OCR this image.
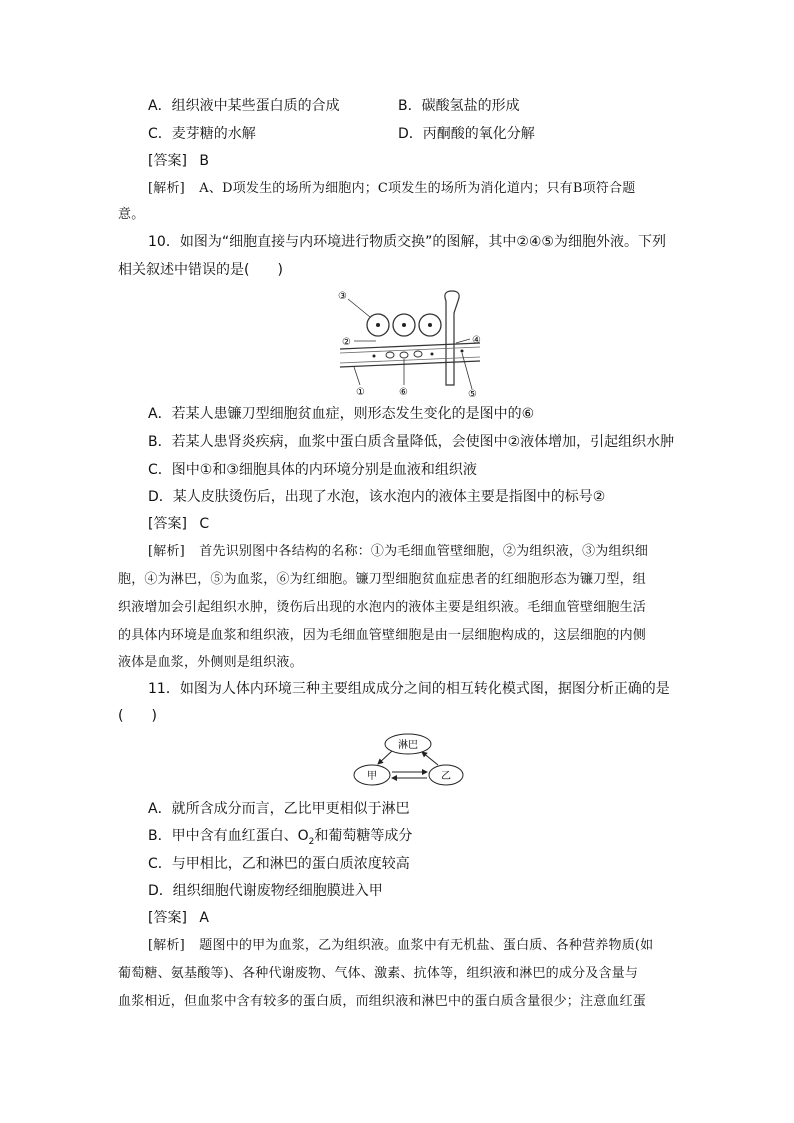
A．组织液中某些蛋白质的合成	B．碳酸氢盐的形成
C．麦芽糖的水解	D．丙酮酸的氧化分解
[答案] B
[解析] A、D项发生的场所为细胞内；C项发生的场所为消化道内；只有B项符合题
意。
10．如图为“细胞直接与内环境进行物质交换”的图解，其中②④⑤为细胞外液。下列
相关叙述中错误的是(　　)
③
②	④
①	⑥	⑤
A．若某人患镰刀型细胞贫血症，则形态发生变化的是图中的⑥
B．若某人患肾炎疾病，血浆中蛋白质含量降低，会使图中②液体增加，引起组织水肿
C．图中①和③细胞具体的内环境分别是血液和组织液
D．某人皮肤烫伤后，出现了水泡，该水泡内的液体主要是指图中的标号②
[答案] C
[解析] 首先识别图中各结构的名称：①为毛细血管壁细胞，②为组织液，③为组织细
胞，④为淋巴，⑤为血浆，⑥为红细胞。镰刀型细胞贫血症患者的红细胞形态为镰刀型，组
织液增加会引起组织水肿，烫伤后出现的水泡内的液体主要是组织液。毛细血管壁细胞生活
的具体内环境是血浆和组织液，因为毛细血管壁细胞是由一层细胞构成的，这层细胞的内侧
液体是血浆，外侧则是组织液。
11．如图为人体内环境三种主要组成成分之间的相互转化模式图，据图分析正确的是
(　　)
淋巴
甲	乙
A．就所含成分而言，乙比甲更相似于淋巴
B．甲中含有血红蛋白、$O_2$和葡萄糖等成分
C．与甲相比，乙和淋巴的蛋白质浓度较高
D．组织细胞代谢废物经细胞膜进入甲
[答案] A
[解析] 题图中的甲为血浆，乙为组织液。血浆中有无机盐、蛋白质、各种营养物质(如
葡萄糖、氨基酸等)、各种代谢废物、气体、激素、抗体等，组织液和淋巴的成分及含量与
血浆相近，但血浆中含有较多的蛋白质，而组织液和淋巴中的蛋白质含量很少；注意血红蛋
